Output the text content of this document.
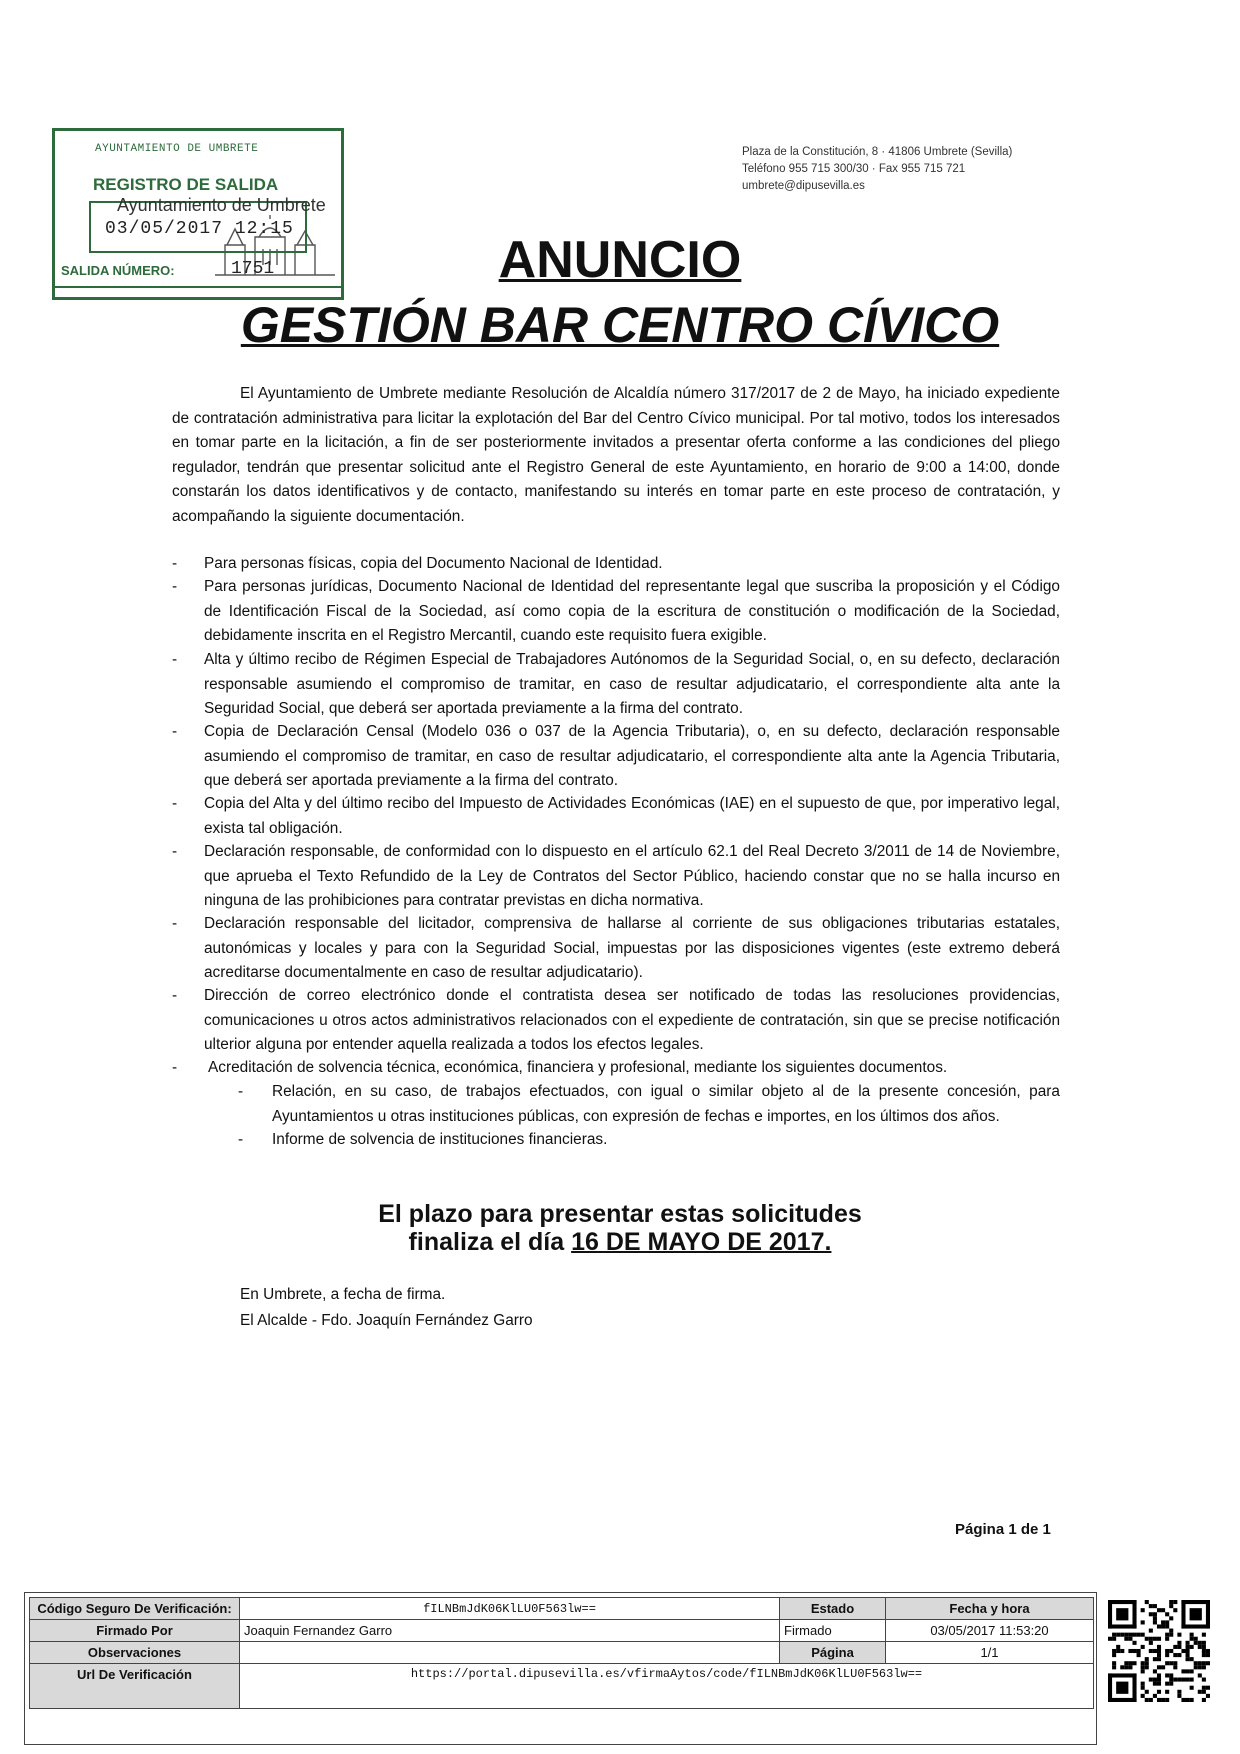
AYUNTAMIENTO DE UMBRETE
REGISTRO DE SALIDA
03/05/2017 12:15
Ayuntamiento de Umbrete
SALIDA NÚMERO:	1751
Plaza de la Constitución, 8 · 41806 Umbrete (Sevilla)
Teléfono 955 715 300/30 · Fax 955 715 721
umbrete@dipusevilla.es
ANUNCIO
GESTIÓN BAR CENTRO CÍVICO

El Ayuntamiento de Umbrete mediante Resolución de Alcaldía número 317/2017 de 2 de Mayo, ha iniciado expediente de contratación administrativa para licitar la explotación del Bar del Centro Cívico municipal. Por tal motivo, todos los interesados en tomar parte en la licitación, a fin de ser posteriormente invitados a presentar oferta conforme a las condiciones del pliego regulador, tendrán que presentar solicitud ante el Registro General de este Ayuntamiento, en horario de 9:00 a 14:00, donde constarán los datos identificativos y de contacto, manifestando su interés en tomar parte en este proceso de contratación, y acompañando la siguiente documentación.

- Para personas físicas, copia del Documento Nacional de Identidad.
- Para personas jurídicas, Documento Nacional de Identidad del representante legal que suscriba la proposición y el Código de Identificación Fiscal de la Sociedad, así como copia de la escritura de constitución o modificación de la Sociedad, debidamente inscrita en el Registro Mercantil, cuando este requisito fuera exigible.
- Alta y último recibo de Régimen Especial de Trabajadores Autónomos de la Seguridad Social, o, en su defecto, declaración responsable asumiendo el compromiso de tramitar, en caso de resultar adjudicatario, el correspondiente alta ante la Seguridad Social, que deberá ser aportada previamente a la firma del contrato.
- Copia de Declaración Censal (Modelo 036 o 037 de la Agencia Tributaria), o, en su defecto, declaración responsable asumiendo el compromiso de tramitar, en caso de resultar adjudicatario, el correspondiente alta ante la Agencia Tributaria, que deberá ser aportada previamente a la firma del contrato.
- Copia del Alta y del último recibo del Impuesto de Actividades Económicas (IAE) en el supuesto de que, por imperativo legal, exista tal obligación.
- Declaración responsable, de conformidad con lo dispuesto en el artículo 62.1 del Real Decreto 3/2011 de 14 de Noviembre, que aprueba el Texto Refundido de la Ley de Contratos del Sector Público, haciendo constar que no se halla incurso en ninguna de las prohibiciones para contratar previstas en dicha normativa.
- Declaración responsable del licitador, comprensiva de hallarse al corriente de sus obligaciones tributarias estatales, autonómicas y locales y para con la Seguridad Social, impuestas por las disposiciones vigentes (este extremo deberá acreditarse documentalmente en caso de resultar adjudicatario).
- Dirección de correo electrónico donde el contratista desea ser notificado de todas las resoluciones providencias, comunicaciones u otros actos administrativos relacionados con el expediente de contratación, sin que se precise notificación ulterior alguna por entender aquella realizada a todos los efectos legales.
- Acreditación de solvencia técnica, económica, financiera y profesional, mediante los siguientes documentos.
- Relación, en su caso, de trabajos efectuados, con igual o similar objeto al de la presente concesión, para Ayuntamientos u otras instituciones públicas, con expresión de fechas e importes, en los últimos dos años.
- Informe de solvencia de instituciones financieras.
El plazo para presentar estas solicitudes
finaliza el día 16 DE MAYO DE 2017.
En Umbrete, a fecha de firma.
El Alcalde - Fdo. Joaquín Fernández Garro
Página 1 de 1
Código Seguro De Verificación:	fILNBmJdK06KlLU0F563lw==	Estado	Fecha y hora
Firmado Por	Joaquin Fernandez Garro	Firmado	03/05/2017 11:53:20
Observaciones		Página	1/1
Url De Verificación	https://portal.dipusevilla.es/vfirmaAytos/code/fILNBmJdK06KlLU0F563lw==		
